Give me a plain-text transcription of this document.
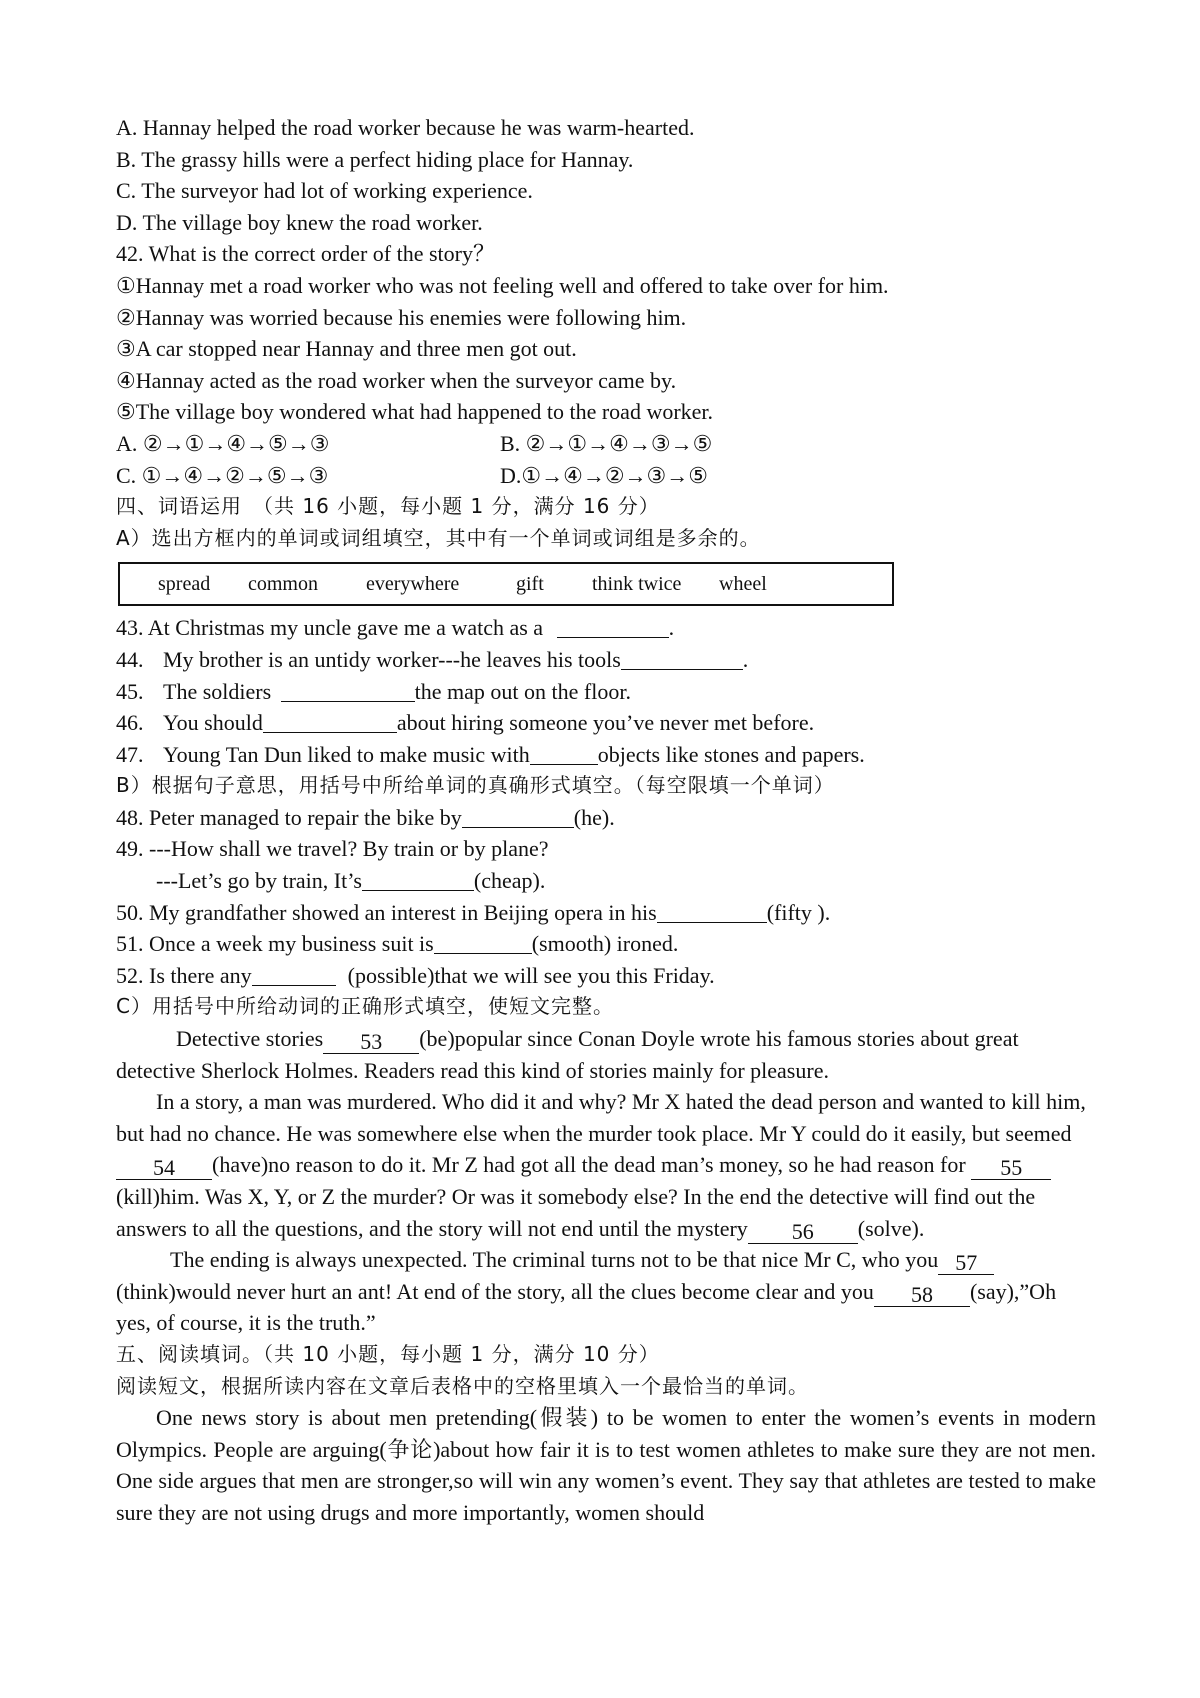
A. Hannay helped the road worker because he was warm-hearted.
B. The grassy hills were a perfect hiding place for Hannay.
C. The surveyor had lot of working experience.
D. The village boy knew the road worker.
42. What is the correct order of the story？
①Hannay met a road worker who was not feeling well and offered to take over for him.
②Hannay was worried because his enemies were following him.
③A car stopped near Hannay and three men got out.
④Hannay acted as the road worker when the surveyor came by.
⑤The village boy wondered what had happened to the road worker.
A. ②→①→④→⑤→③	B. ②→①→④→③→⑤
C. ①→④→②→⑤→③	D.①→④→②→③→⑤
四、词语运用　（共 16 小题，每小题 1 分，满分 16 分）
A）选出方框内的单词或词组填空，其中有一个单词或词组是多余的。
spread	common	everywhere	gift	think twice	wheel
43. At Christmas my uncle gave me a watch as a	.
44. My brother is an untidy worker---he leaves his tools	.
45. The soldiers	the map out on the floor.
46. You should	about hiring someone you’ve never met before.
47. Young Tan Dun liked to make music with	objects like stones and papers.
B）根据句子意思，用括号中所给单词的真确形式填空。（每空限填一个单词）
48. Peter managed to repair the bike by	(he).
49. ---How shall we travel? By train or by plane?
---Let’s go by train, It’s	(cheap).
50. My grandfather showed an interest in Beijing opera in his	(fifty ).
51. Once a week my business suit is	(smooth) ironed.
52. Is there any	(possible)that we will see you this Friday.
C）用括号中所给动词的正确形式填空，使短文完整。
Detective stories 53 (be)popular since Conan Doyle wrote his famous stories about great detective Sherlock Holmes. Readers read this kind of stories mainly for pleasure.
In a story, a man was murdered. Who did it and why? Mr X hated the dead person and wanted to kill him, but had no chance. He was somewhere else when the murder took place. Mr Y could do it easily, but seemed 54 (have)no reason to do it. Mr Z had got all the dead man’s money, so he had reason for 55(kill)him. Was X, Y, or Z the murder? Or was it somebody else? In the end the detective will find out the answers to all the questions, and the story will not end until the mystery 56 (solve).
The ending is always unexpected. The criminal turns not to be that nice Mr C, who you 57(think)would never hurt an ant! At end of the story, all the clues become clear and you 58 (say),”Oh yes, of course, it is the truth.”
五、阅读填词。（共 10 小题，每小题 1 分，满分 10 分）
阅读短文，根据所读内容在文章后表格中的空格里填入一个最恰当的单词。
One news story is about men pretending(假装) to be women to enter the women’s events in modern Olympics. People are arguing(争论)about how fair it is to test women athletes to make sure they are not men. One side argues that men are stronger,so will win any women’s event. They say that athletes are tested to make sure they are not using drugs and more importantly, women should
